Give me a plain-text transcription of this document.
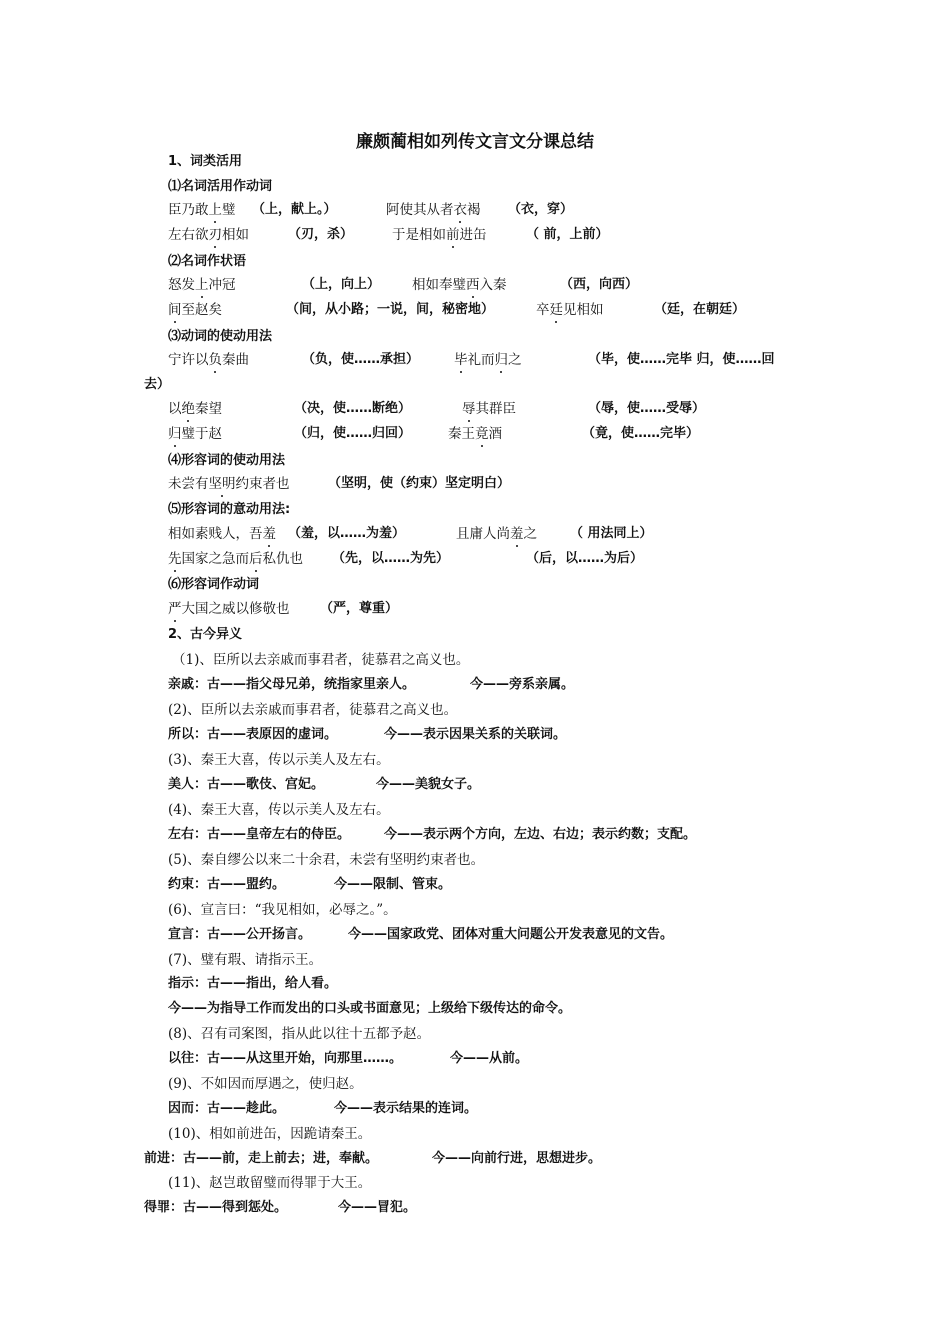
廉颇蔺相如列传文言文分课总结
1、词类活用
⑴名词活用作动词
臣乃敢上璧 （上，献上。）	阿使其从者衣褐 （衣，穿）
左右欲刃相如	（刃，杀）	于是相如前进缶	（ 前，上前）
⑵名词作状语
怒发上冲冠	（上，向上） 相如奉璧西入秦	（西，向西）
间至赵矣	（间，从小路；一说，间，秘密地）	卒廷见相如	（廷，在朝廷）
⑶动词的使动用法
宁许以负秦曲	（负，使……承担）	毕礼而归之	（毕，使……完毕 归，使……回
去）
以绝秦望	（决，使……断绝）	辱其群臣	（辱，使……受辱）
归璧于赵	（归，使……归回）	秦王竟酒	（竟，使……完毕）
⑷形容词的使动用法
未尝有坚明约束者也	（坚明，使（约束）坚定明白）
⑸形容词的意动用法:
相如素贱人，吾羞 （羞，以……为羞）	且庸人尚羞之	（ 用法同上）
先国家之急而后私仇也 （先，以……为先）	（后，以……为后）
⑹形容词作动词
严大国之威以修敬也 （严，尊重）
2、古今异义
（1)、臣所以去亲戚而事君者，徒慕君之高义也。
亲戚：古——指父母兄弟，统指家里亲人。	今——旁系亲属。
(2)、臣所以去亲戚而事君者，徒慕君之高义也。
所以：古——表原因的虚词。	今——表示因果关系的关联词。
(3)、秦王大喜，传以示美人及左右。
美人：古——歌伎、宫妃。	今——美貌女子。
(4)、秦王大喜，传以示美人及左右。
左右：古——皇帝左右的侍臣。	今——表示两个方向，左边、右边；表示约数；支配。
(5)、秦自缪公以来二十余君，未尝有坚明约束者也。
约束：古——盟约。	今——限制、管束。
(6)、宣言曰：“我见相如，必辱之。”。
宣言：古——公开扬言。	今——国家政党、团体对重大问题公开发表意见的文告。
(7)、璧有瑕、请指示王。
指示：古——指出，给人看。
今——为指导工作而发出的口头或书面意见；上级给下级传达的命令。
(8)、召有司案图，指从此以往十五都予赵。
以往：古——从这里开始，向那里……。	今——从前。
(9)、不如因而厚遇之，使归赵。
因而：古——趁此。	今——表示结果的连词。
(10)、相如前进缶，因跪请秦王。
前进：古——前，走上前去；进，奉献。	今——向前行进，思想进步。
(11)、赵岂敢留璧而得罪于大王。
得罪：古——得到惩处。	今——冒犯。
